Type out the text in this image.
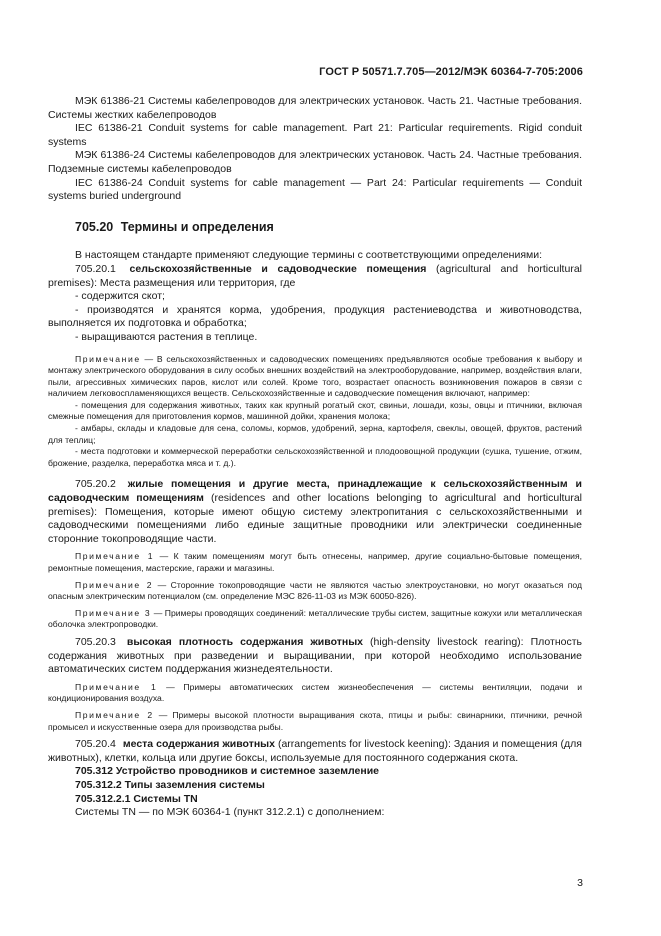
ГОСТ Р 50571.7.705—2012/МЭК 60364-7-705:2006

МЭК 61386-21 Системы кабелепроводов для электрических установок. Часть 21. Частные требования. Системы жестких кабелепроводов

IEC 61386-21 Conduit systems for cable management. Part 21: Particular requirements. Rigid conduit systems

МЭК 61386-24 Системы кабелепроводов для электрических установок. Часть 24. Частные требования. Подземные системы кабелепроводов

IEC 61386-24 Conduit systems for cable management — Part 24: Particular requirements — Conduit systems buried underground

705.20 Термины и определения

В настоящем стандарте применяют следующие термины с соответствующими определениями:

705.20.1 сельскохозяйственные и садоводческие помещения (agricultural and horticultural premises): Места размещения или территория, где

- содержится скот;

- производятся и хранятся корма, удобрения, продукция растениеводства и животноводства, выполняется их подготовка и обработка;

- выращиваются растения в теплице.

Примечание — В сельскохозяйственных и садоводческих помещениях предъявляются особые требования к выбору и монтажу электрического оборудования в силу особых внешних воздействий на электрооборудование, например, воздействия влаги, пыли, агрессивных химических паров, кислот или солей. Кроме того, возрастает опасность возникновения пожаров в связи с наличием легковоспламеняющихся веществ. Сельскохозяйственные и садоводческие помещения включают, например:

- помещения для содержания животных, таких как крупный рогатый скот, свиньи, лошади, козы, овцы и птичники, включая смежные помещения для приготовления кормов, машинной дойки, хранения молока;

- амбары, склады и кладовые для сена, соломы, кормов, удобрений, зерна, картофеля, свеклы, овощей, фруктов, растений для теплиц;

- места подготовки и коммерческой переработки сельскохозяйственной и плодоовощной продукции (сушка, тушение, отжим, брожение, разделка, переработка мяса и т. д.).

705.20.2 жилые помещения и другие места, принадлежащие к сельскохозяйственным и садоводческим помещениям (residences and other locations belonging to agricultural and horticultural premises): Помещения, которые имеют общую систему электропитания с сельскохозяйственными и садоводческими помещениями либо единые защитные проводники или электрически соединенные сторонние токопроводящие части.

Примечание 1 — К таким помещениям могут быть отнесены, например, другие социально-бытовые помещения, ремонтные помещения, мастерские, гаражи и магазины.

Примечание 2 — Сторонние токопроводящие части не являются частью электроустановки, но могут оказаться под опасным электрическим потенциалом (см. определение МЭС 826-11-03 из МЭК 60050-826).

Примечание 3 — Примеры проводящих соединений: металлические трубы систем, защитные кожухи или металлическая оболочка электропроводки.

705.20.3 высокая плотность содержания животных (high-density livestock rearing): Плотность содержания животных при разведении и выращивании, при которой необходимо использование автоматических систем поддержания жизнедеятельности.

Примечание 1 — Примеры автоматических систем жизнеобеспечения — системы вентиляции, подачи и кондиционирования воздуха.

Примечание 2 — Примеры высокой плотности выращивания скота, птицы и рыбы: свинарники, птичники, речной промысел и искусственные озера для производства рыбы.

705.20.4 места содержания животных (arrangements for livestock keening): Здания и помещения (для животных), клетки, кольца или другие боксы, используемые для постоянного содержания скота.

705.312 Устройство проводников и системное заземление

705.312.2 Типы заземления системы

705.312.2.1 Системы TN

Системы TN — по МЭК 60364-1 (пункт 312.2.1) с дополнением:

3
